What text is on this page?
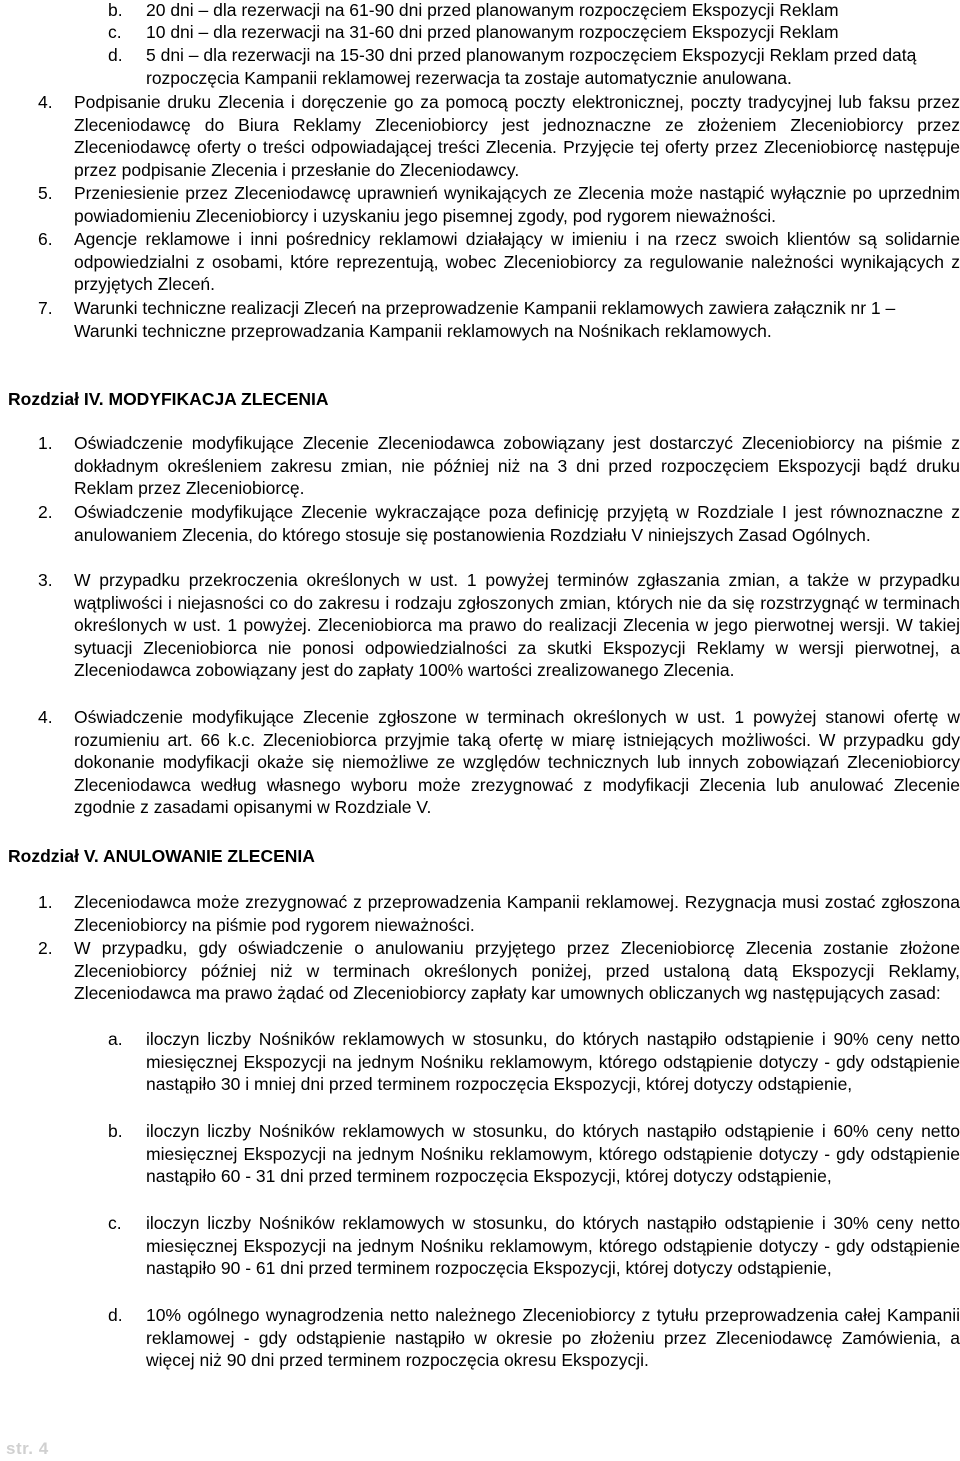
b.	20 dni – dla rezerwacji na 61-90 dni przed planowanym rozpoczęciem Ekspozycji Reklam
c.	10 dni – dla rezerwacji na 31-60 dni przed planowanym rozpoczęciem Ekspozycji Reklam
d.	5 dni – dla rezerwacji na 15-30 dni przed planowanym rozpoczęciem Ekspozycji Reklam przed datą rozpoczęcia Kampanii reklamowej rezerwacja ta zostaje automatycznie anulowana.
4.	Podpisanie druku Zlecenia i doręczenie go za pomocą poczty elektronicznej, poczty tradycyjnej lub faksu przez Zleceniodawcę do Biura Reklamy Zleceniobiorcy jest jednoznaczne ze złożeniem Zleceniobiorcy przez Zleceniodawcę oferty o treści odpowiadającej treści Zlecenia. Przyjęcie tej oferty przez Zleceniobiorcę następuje przez podpisanie Zlecenia i przesłanie do Zleceniodawcy.
5.	Przeniesienie przez Zleceniodawcę uprawnień wynikających ze Zlecenia może nastąpić wyłącznie po uprzednim powiadomieniu Zleceniobiorcy i uzyskaniu jego pisemnej zgody, pod rygorem nieważności.
6.	Agencje reklamowe i inni pośrednicy reklamowi działający w imieniu i na rzecz swoich klientów są solidarnie odpowiedzialni z osobami, które reprezentują, wobec Zleceniobiorcy za regulowanie należności wynikających z przyjętych Zleceń.
7.	Warunki techniczne realizacji Zleceń na przeprowadzenie Kampanii reklamowych zawiera załącznik nr 1 – Warunki techniczne przeprowadzania Kampanii reklamowych na Nośnikach reklamowych.
Rozdział IV. MODYFIKACJA ZLECENIA
1.	Oświadczenie modyfikujące Zlecenie Zleceniodawca zobowiązany jest dostarczyć Zleceniobiorcy na piśmie z dokładnym określeniem zakresu zmian, nie później niż na 3 dni przed rozpoczęciem Ekspozycji bądź druku Reklam przez Zleceniobiorcę.
2.	Oświadczenie modyfikujące Zlecenie wykraczające poza definicję przyjętą w Rozdziale I jest równoznaczne z anulowaniem Zlecenia, do którego stosuje się postanowienia Rozdziału V niniejszych Zasad Ogólnych.
3.	W przypadku przekroczenia określonych w ust. 1 powyżej terminów zgłaszania zmian, a także w przypadku wątpliwości i niejasności co do zakresu i rodzaju zgłoszonych zmian, których nie da się rozstrzygnąć w terminach określonych w ust. 1 powyżej. Zleceniobiorca ma prawo do realizacji Zlecenia w jego pierwotnej wersji. W takiej sytuacji Zleceniobiorca nie ponosi odpowiedzialności za skutki Ekspozycji Reklamy w wersji pierwotnej, a Zleceniodawca zobowiązany jest do zapłaty 100% wartości zrealizowanego Zlecenia.
4.	Oświadczenie modyfikujące Zlecenie zgłoszone w terminach określonych w ust. 1 powyżej stanowi ofertę w rozumieniu art. 66 k.c. Zleceniobiorca przyjmie taką ofertę w miarę istniejących możliwości. W przypadku gdy dokonanie modyfikacji okaże się niemożliwe ze względów technicznych lub innych zobowiązań Zleceniobiorcy Zleceniodawca według własnego wyboru może zrezygnować z modyfikacji Zlecenia lub anulować Zlecenie zgodnie z zasadami opisanymi w Rozdziale V.
Rozdział V. ANULOWANIE ZLECENIA
1.	Zleceniodawca może zrezygnować z przeprowadzenia Kampanii reklamowej. Rezygnacja musi zostać zgłoszona Zleceniobiorcy na piśmie pod rygorem nieważności.
2.	W przypadku, gdy oświadczenie o anulowaniu przyjętego przez Zleceniobiorcę Zlecenia zostanie złożone Zleceniobiorcy później niż w terminach określonych poniżej, przed ustaloną datą Ekspozycji Reklamy, Zleceniodawca ma prawo żądać od Zleceniobiorcy zapłaty kar umownych obliczanych wg następujących zasad:
a.	iloczyn liczby Nośników reklamowych w stosunku, do których nastąpiło odstąpienie i 90% ceny netto miesięcznej Ekspozycji na jednym Nośniku reklamowym, którego odstąpienie dotyczy - gdy odstąpienie nastąpiło 30 i mniej dni przed terminem rozpoczęcia Ekspozycji, której dotyczy odstąpienie,
b.	iloczyn liczby Nośników reklamowych w stosunku, do których nastąpiło odstąpienie i 60% ceny netto miesięcznej Ekspozycji na jednym Nośniku reklamowym, którego odstąpienie dotyczy - gdy odstąpienie nastąpiło 60 - 31 dni przed terminem rozpoczęcia Ekspozycji, której dotyczy odstąpienie,
c.	iloczyn liczby Nośników reklamowych w stosunku, do których nastąpiło odstąpienie i 30% ceny netto miesięcznej Ekspozycji na jednym Nośniku reklamowym, którego odstąpienie dotyczy - gdy odstąpienie nastąpiło 90 - 61 dni przed terminem rozpoczęcia Ekspozycji, której dotyczy odstąpienie,
d.	10% ogólnego wynagrodzenia netto należnego Zleceniobiorcy z tytułu przeprowadzenia całej Kampanii reklamowej - gdy odstąpienie nastąpiło w okresie po złożeniu przez Zleceniodawcę Zamówienia, a więcej niż 90 dni przed terminem rozpoczęcia okresu Ekspozycji.
str. 4
